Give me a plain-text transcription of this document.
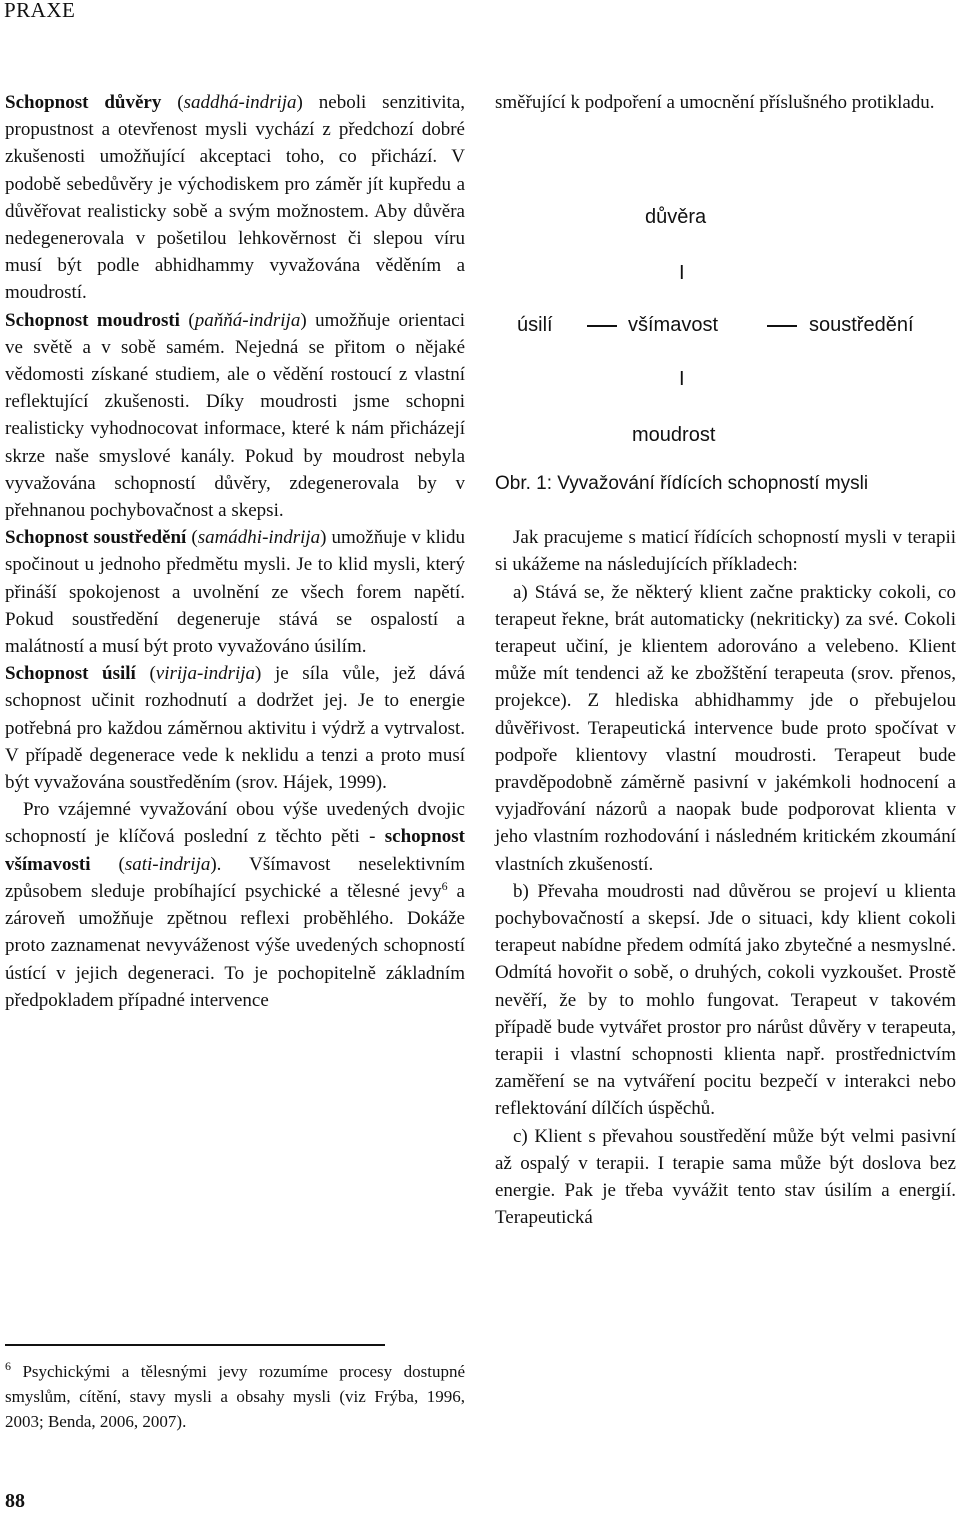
PRAXE

Schopnost důvěry (saddhá-indrija) neboli senzitivita, propustnost a otevřenost mysli vychází z předchozí dobré zkušenosti umožňující akceptaci toho, co přichází. V podobě sebedůvěry je východiskem pro záměr jít kupředu a důvěřovat realisticky sobě a svým možnostem. Aby důvěra nedegenerovala v pošetilou lehkověrnost či slepou víru musí být podle abhidhammy vyvažována věděním a moudrostí.

Schopnost moudrosti (paňňá-indrija) umožňuje orientaci ve světě a v sobě samém. Nejedná se přitom o nějaké vědomosti získané studiem, ale o vědění rostoucí z vlastní reflektující zkušenosti. Díky moudrosti jsme schopni realisticky vyhodnocovat informace, které k nám přicházejí skrze naše smyslové kanály. Pokud by moudrost nebyla vyvažována schopností důvěry, zdegenerovala by v přehnanou pochybovačnost a skepsi.

Schopnost soustředění (samádhi-indrija) umožňuje v klidu spočinout u jednoho předmětu mysli. Je to klid mysli, který přináší spokojenost a uvolnění ze všech forem napětí. Pokud soustředění degeneruje stává se ospalostí a malátností a musí být proto vyvažováno úsilím.

Schopnost úsilí (virija-indrija) je síla vůle, jež dává schopnost učinit rozhodnutí a dodržet jej. Je to energie potřebná pro každou záměrnou aktivitu i výdrž a vytrvalost. V případě degenerace vede k neklidu a tenzi a proto musí být vyvažována soustředěním (srov. Hájek, 1999).

Pro vzájemné vyvažování obou výše uvedených dvojic schopností je klíčová poslední z těchto pěti - schopnost všímavosti (sati-indrija). Všímavost neselektivním způsobem sleduje probíhající psychické a tělesné jevy$^6$ a zároveň umožňuje zpětnou reflexi proběhlého. Dokáže proto zaznamenat nevyváženost výše uvedených schopností ústící v jejich degeneraci. To je pochopitelně základním předpokladem případné intervence

$^6$ Psychickými a tělesnými jevy rozumíme procesy dostupné smyslům, cítění, stavy mysli a obsahy mysli (viz Frýba, 1996, 2003; Benda, 2006, 2007).

směřující k podpoření a umocnění příslušného protikladu.

důvěra
I
úsilí	všímavost	soustředění
I
moudrost

Obr. 1: Vyvažování řídících schopností mysli

Jak pracujeme s maticí řídících schopností mysli v terapii si ukážeme na následujících příkladech:

a) Stává se, že některý klient začne prakticky cokoli, co terapeut řekne, brát automaticky (nekriticky) za své. Cokoli terapeut učiní, je klientem adorováno a velebeno. Klient může mít tendenci až ke zbožštění terapeuta (srov. přenos, projekce). Z hlediska abhidhammy jde o přebujelou důvěřivost. Terapeutická intervence bude proto spočívat v podpoře klientovy vlastní moudrosti. Terapeut bude pravděpodobně záměrně pasivní v jakémkoli hodnocení a vyjadřování názorů a naopak bude podporovat klienta v jeho vlastním rozhodování i následném kritickém zkoumání vlastních zkušeností.

b) Převaha moudrosti nad důvěrou se projeví u klienta pochybovačností a skepsí. Jde o situaci, kdy klient cokoli terapeut nabídne předem odmítá jako zbytečné a nesmyslné. Odmítá hovořit o sobě, o druhých, cokoli vyzkoušet. Prostě nevěří, že by to mohlo fungovat. Terapeut v takovém případě bude vytvářet prostor pro nárůst důvěry v terapeuta, terapii i vlastní schopnosti klienta např. prostřednictvím zaměření se na vytváření pocitu bezpečí v interakci nebo reflektování dílčích úspěchů.

c) Klient s převahou soustředění může být velmi pasivní až ospalý v terapii. I terapie sama může být doslova bez energie. Pak je třeba vyvážit tento stav úsilím a energií. Terapeutická

88
